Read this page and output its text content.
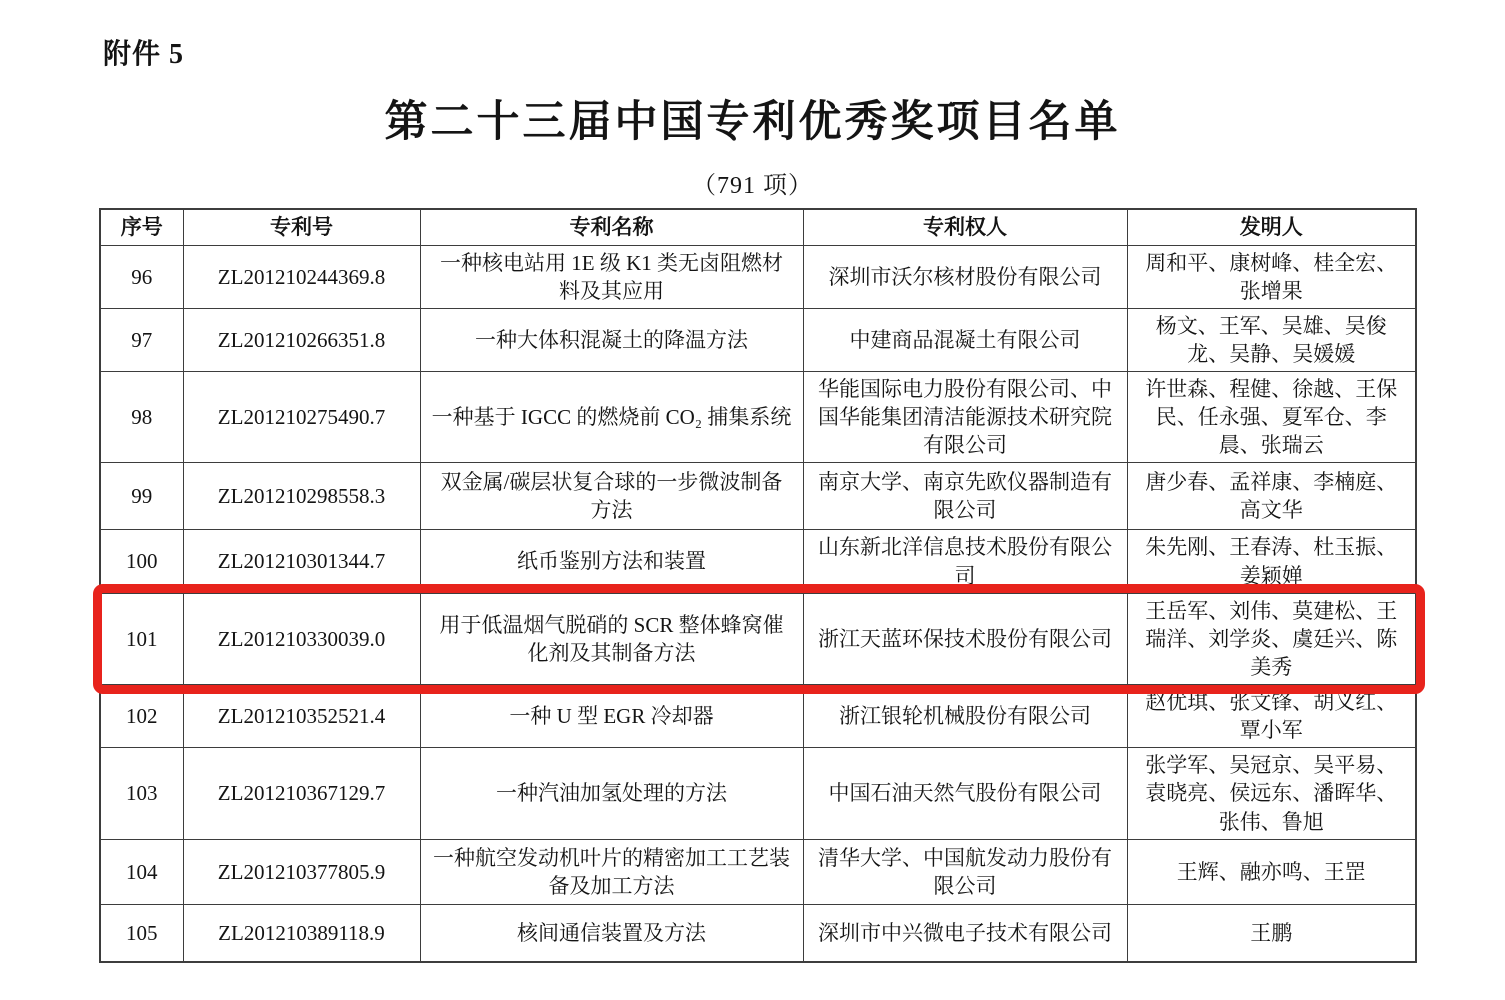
附件 5
第二十三届中国专利优秀奖项目名单
（791 项）
序号	专利号	专利名称	专利权人	发明人
96	ZL201210244369.8	一种核电站用 1E 级 K1 类无卤阻燃材料及其应用	深圳市沃尔核材股份有限公司	周和平、康树峰、桂全宏、张增果
97	ZL201210266351.8	一种大体积混凝土的降温方法	中建商品混凝土有限公司	杨文、王军、吴雄、吴俊龙、吴静、吴媛媛
98	ZL201210275490.7	一种基于 IGCC 的燃烧前 CO₂ 捕集系统	华能国际电力股份有限公司、中国华能集团清洁能源技术研究院有限公司	许世森、程健、徐越、王保民、任永强、夏军仓、李晨、张瑞云
99	ZL201210298558.3	双金属/碳层状复合球的一步微波制备方法	南京大学、南京先欧仪器制造有限公司	唐少春、孟祥康、李楠庭、高文华
100	ZL201210301344.7	纸币鉴别方法和装置	山东新北洋信息技术股份有限公司	朱先刚、王春涛、杜玉振、姜颖婵
101	ZL201210330039.0	用于低温烟气脱硝的 SCR 整体蜂窝催化剂及其制备方法	浙江天蓝环保技术股份有限公司	王岳军、刘伟、莫建松、王瑞洋、刘学炎、虞廷兴、陈美秀
102	ZL201210352521.4	一种 U 型 EGR 冷却器	浙江银轮机械股份有限公司	赵优琪、张文锋、胡义红、覃小军
103	ZL201210367129.7	一种汽油加氢处理的方法	中国石油天然气股份有限公司	张学军、吴冠京、吴平易、袁晓亮、侯远东、潘晖华、张伟、鲁旭
104	ZL201210377805.9	一种航空发动机叶片的精密加工工艺装备及加工方法	清华大学、中国航发动力股份有限公司	王辉、融亦鸣、王罡
105	ZL201210389118.9	核间通信装置及方法	深圳市中兴微电子技术有限公司	王鹏
